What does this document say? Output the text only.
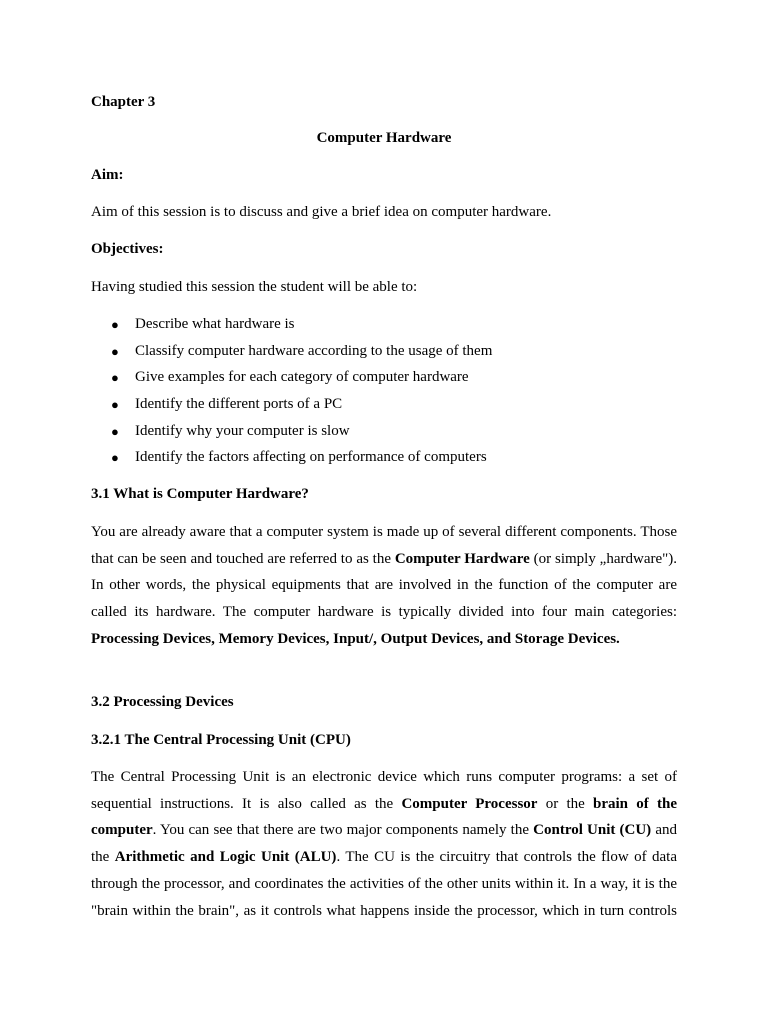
Chapter 3

Computer Hardware

Aim:

Aim of this session is to discuss and give a brief idea on computer hardware.

Objectives:

Having studied this session the student will be able to:

● Describe what hardware is
● Classify computer hardware according to the usage of them
● Give examples for each category of computer hardware
● Identify the different ports of a PC
● Identify why your computer is slow
● Identify the factors affecting on performance of computers

3.1 What is Computer Hardware?

You are already aware that a computer system is made up of several different components. Those that can be seen and touched are referred to as the Computer Hardware (or simply „hardware"). In other words, the physical equipments that are involved in the function of the computer are called its hardware. The computer hardware is typically divided into four main categories: Processing Devices, Memory Devices, Input/, Output Devices, and Storage Devices.

3.2 Processing Devices

3.2.1 The Central Processing Unit (CPU)

The Central Processing Unit is an electronic device which runs computer programs: a set of sequential instructions. It is also called as the Computer Processor or the brain of the computer. You can see that there are two major components namely the Control Unit (CU) and the Arithmetic and Logic Unit (ALU). The CU is the circuitry that controls the flow of data through the processor, and coordinates the activities of the other units within it. In a way, it is the "brain within the brain", as it controls what happens inside the processor, which in turn controls
